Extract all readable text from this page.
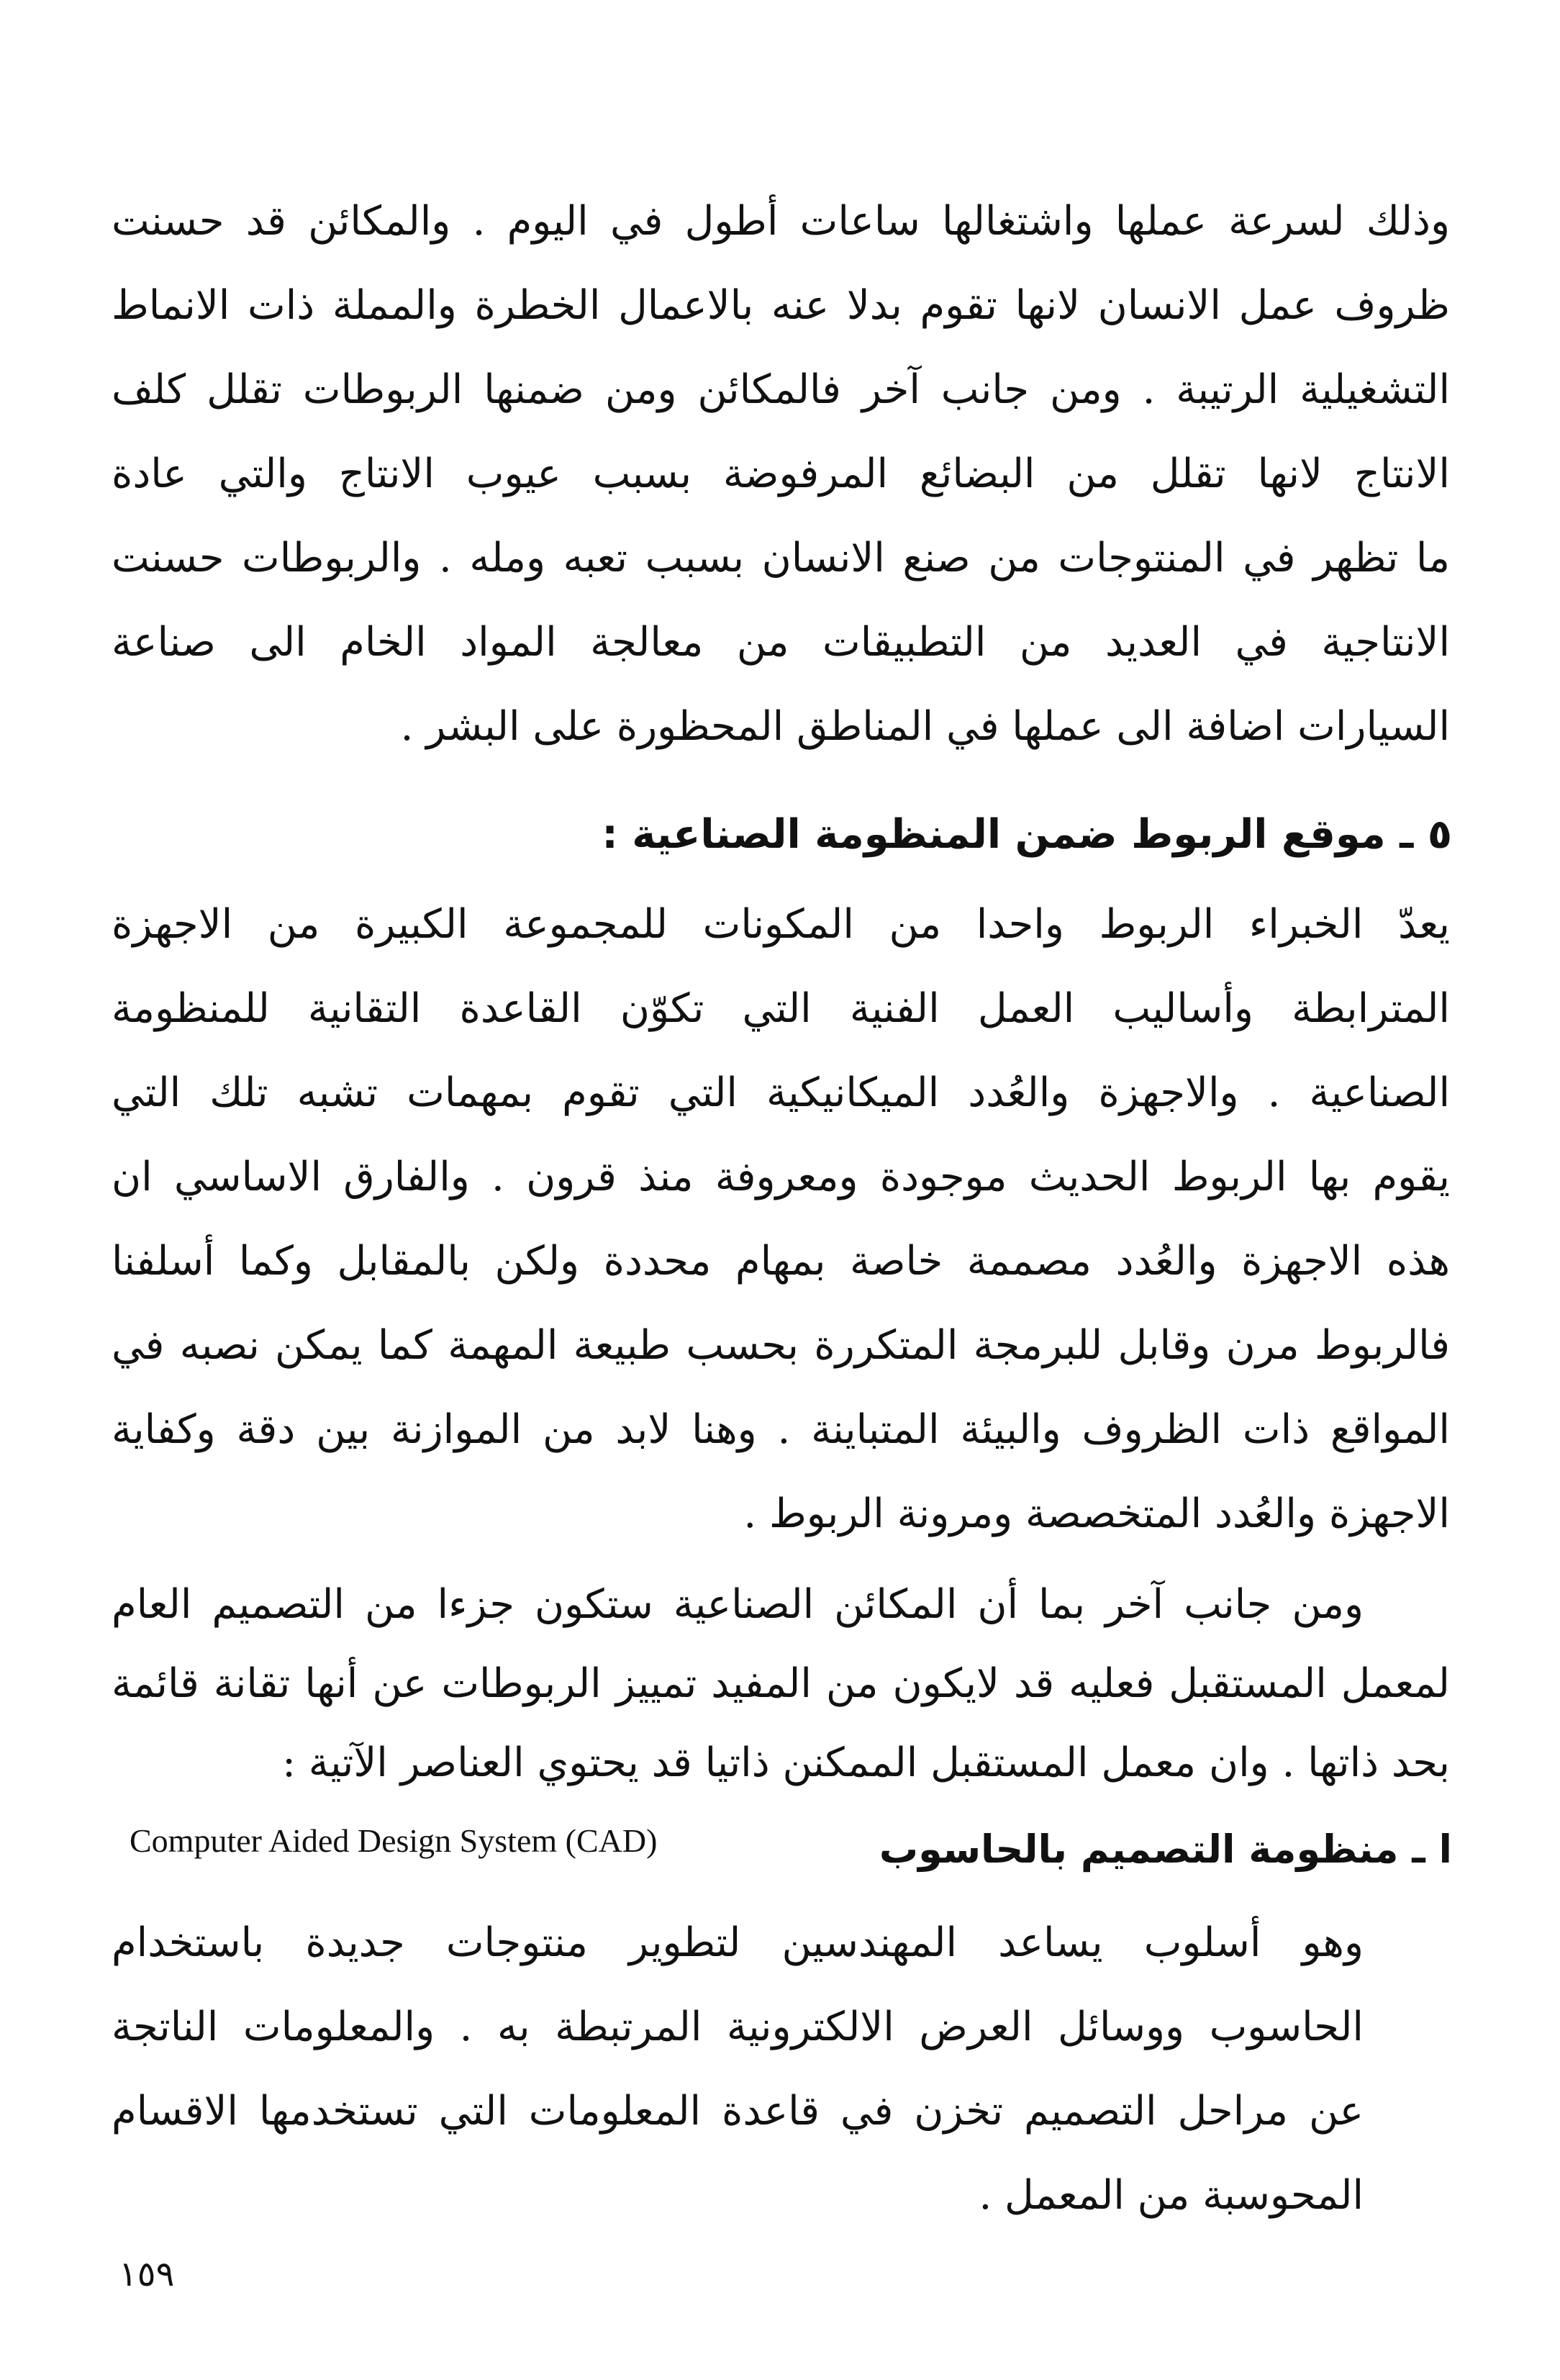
وذلك لسرعة عملها واشتغالها ساعات أطول في اليوم . والمكائن قد حسنت
ظروف عمل الانسان لانها تقوم بدلا عنه بالاعمال الخطرة والمملة ذات الانماط
التشغيلية الرتيبة . ومن جانب آخر فالمكائن ومن ضمنها الربوطات تقلل كلف
الانتاج لانها تقلل من البضائع المرفوضة بسبب عيوب الانتاج والتي عادة
ما تظهر في المنتوجات من صنع الانسان بسبب تعبه ومله . والربوطات حسنت
الانتاجية في العديد من التطبيقات من معالجة المواد الخام الى صناعة
السيارات اضافة الى عملها في المناطق المحظورة على البشر .
٥ ـ موقع الربوط ضمن المنظومة الصناعية :
يعدّ الخبراء الربوط واحدا من المكونات للمجموعة الكبيرة من الاجهزة
المترابطة وأساليب العمل الفنية التي تكوّن القاعدة التقانية للمنظومة
الصناعية . والاجهزة والعُدد الميكانيكية التي تقوم بمهمات تشبه تلك التي
يقوم بها الربوط الحديث موجودة ومعروفة منذ قرون . والفارق الاساسي ان
هذه الاجهزة والعُدد مصممة خاصة بمهام محددة ولكن بالمقابل وكما أسلفنا
فالربوط مرن وقابل للبرمجة المتكررة بحسب طبيعة المهمة كما يمكن نصبه في
المواقع ذات الظروف والبيئة المتباينة . وهنا لابد من الموازنة بين دقة وكفاية
الاجهزة والعُدد المتخصصة ومرونة الربوط .
ومن جانب آخر بما أن المكائن الصناعية ستكون جزءا من التصميم العام
لمعمل المستقبل فعليه قد لايكون من المفيد تمييز الربوطات عن أنها تقانة قائمة
بحد ذاتها . وان معمل المستقبل الممكنن ذاتيا قد يحتوي العناصر الآتية :
ا ـ منظومة التصميم بالحاسوب
Computer Aided Design System (CAD)
وهو أسلوب يساعد المهندسين لتطوير منتوجات جديدة باستخدام
الحاسوب ووسائل العرض الالكترونية المرتبطة به . والمعلومات الناتجة
عن مراحل التصميم تخزن في قاعدة المعلومات التي تستخدمها الاقسام
المحوسبة من المعمل .
١٥٩
